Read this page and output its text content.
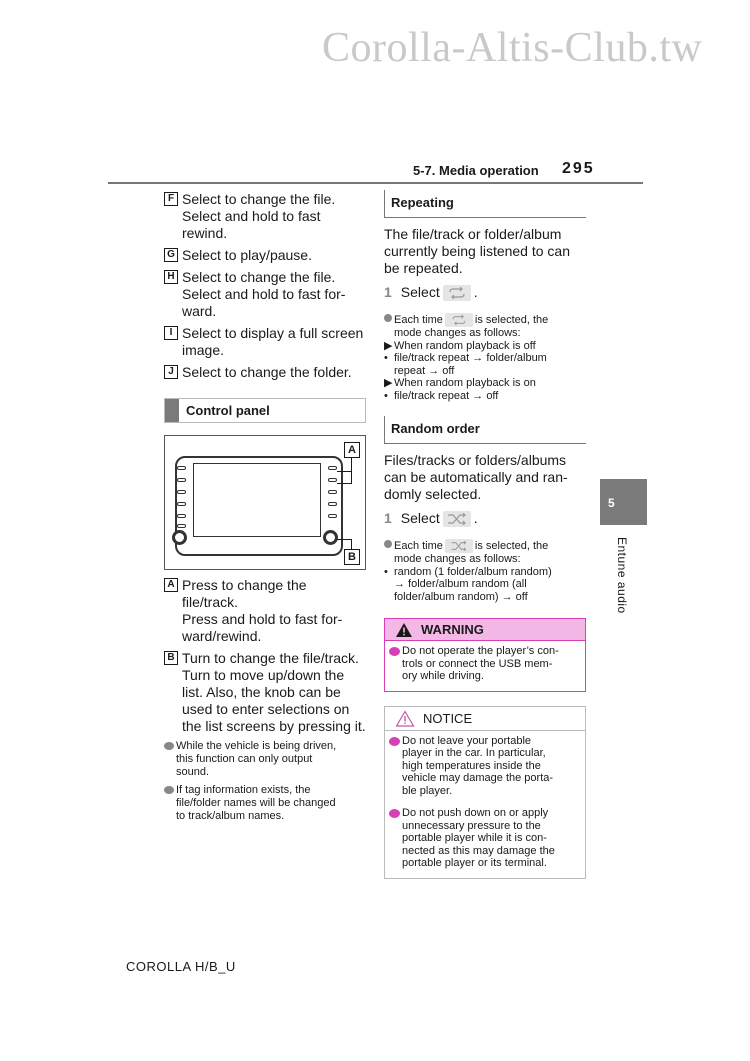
Corolla-Altis-Club.tw
5-7. Media operation 295
F Select to change the file.
Select and hold to fast
rewind.
G Select to play/pause.
H Select to change the file.
Select and hold to fast for-
ward.
I Select to display a full screen
image.
J Select to change the folder.
Control panel
A
B
A Press to change the
file/track.
Press and hold to fast for-
ward/rewind.
B Turn to change the file/track.
Turn to move up/down the
list. Also, the knob can be
used to enter selections on
the list screens by pressing it.
While the vehicle is being driven,
this function can only output
sound.
If tag information exists, the
file/folder names will be changed
to track/album names.
Repeating
The file/track or folder/album
currently being listened to can
be repeated.
1 Select .
Each time	is selected, the
mode changes as follows:
▶ When random playback is off
• file/track repeat → folder/album
repeat → off
▶ When random playback is on
• file/track repeat → off
Random order
Files/tracks or folders/albums
can be automatically and ran-
domly selected.
1 Select .
Each time	is selected, the
mode changes as follows:
• random (1 folder/album random)
→ folder/album random (all
folder/album random) → off
WARNING
Do not operate the player’s con-
trols or connect the USB mem-
ory while driving.
NOTICE
Do not leave your portable
player in the car. In particular,
high temperatures inside the
vehicle may damage the porta-
ble player.
Do not push down on or apply
unnecessary pressure to the
portable player while it is con-
nected as this may damage the
portable player or its terminal.
5
Entune audio
COROLLA H/B_U
